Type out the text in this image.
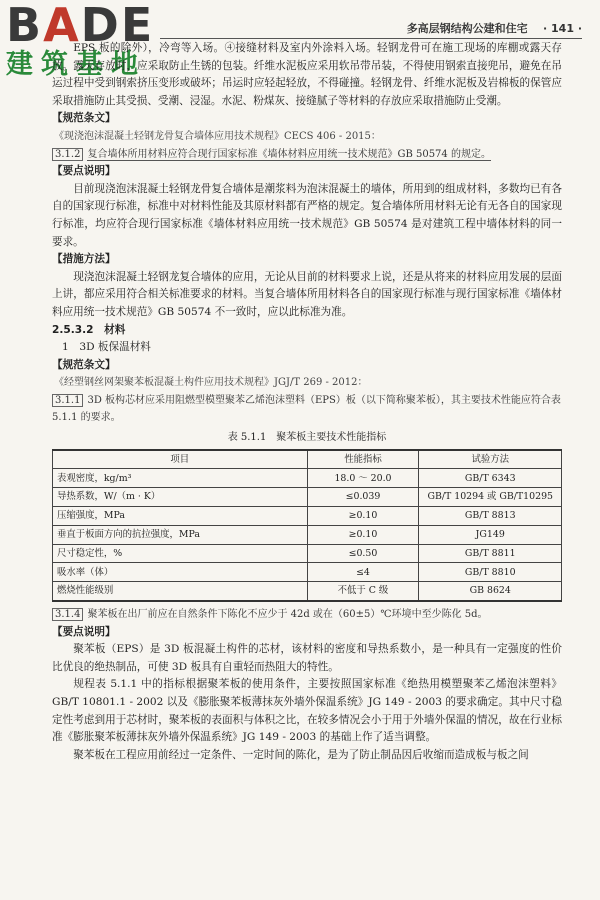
BADE
建筑基地
多高层钢结构公建和住宅 · 141 ·

EPS 板的除外），冷弯等入场。④接缝材料及室内外涂料入场。轻钢龙骨可在施工现场的库棚或露天存放。露天存放时，应采取防止生锈的包装。纤维水泥板应采用软吊带吊装，不得使用钢索直接兜吊，避免在吊运过程中受到钢索挤压变形或破坏；吊运时应轻起轻放，不得碰撞。轻钢龙骨、纤维水泥板及岩棉板的保管应采取措施防止其受损、受潮、浸湿。水泥、粉煤灰、接缝腻子等材料的存放应采取措施防止受潮。

【规范条文】

《现浇泡沫混凝土轻钢龙骨复合墙体应用技术规程》CECS 406 - 2015：

3.1.2 复合墙体所用材料应符合现行国家标准《墙体材料应用统一技术规范》GB 50574 的规定。

【要点说明】

目前现浇泡沫混凝土轻钢龙骨复合墙体是潮浆料为泡沫混凝土的墙体，所用到的组成材料，多数均已有各自的国家现行标准，标准中对材料性能及其原材料都有严格的规定。复合墙体所用材料无论有无各自的国家现行标准，均应符合现行国家标准《墙体材料应用统一技术规范》GB 50574 是对建筑工程中墙体材料的同一要求。

【措施方法】

现浇泡沫混凝土轻钢龙复合墙体的应用，无论从目前的材料要求上说，还是从将来的材料应用发展的层面上讲，都应采用符合相关标准要求的材料。当复合墙体所用材料各自的国家现行标准与现行国家标准《墙体材料应用统一技术规范》GB 50574 不一致时，应以此标准为准。

2.5.3.2　材料

1　3D 板保温材料

【规范条文】

《经塑钢丝网架聚苯板混凝土构件应用技术规程》JGJ/T 269 - 2012：

3.1.1 3D 板构芯材应采用阻燃型模塑聚苯乙烯泡沫塑料（EPS）板（以下简称聚苯板），其主要技术性能应符合表 5.1.1 的要求。

表 5.1.1　聚苯板主要技术性能指标

项目	性能指标	试验方法
表观密度，kg/m³	18.0 ～ 20.0	GB/T 6343
导热系数，W/（m · K）	≤0.039	GB/T 10294 或 GB/T10295
压缩强度，MPa	≥0.10	GB/T 8813
垂直于板面方向的抗拉强度，MPa	≥0.10	JG149
尺寸稳定性，%	≤0.50	GB/T 8811
吸水率（体）	≤4	GB/T 8810
燃烧性能级别	不低于 C 级	GB 8624

3.1.4 聚苯板在出厂前应在自然条件下陈化不应少于 42d 或在（60±5）℃环境中至少陈化 5d。

【要点说明】

聚苯板（EPS）是 3D 板混凝土构件的芯材，该材料的密度和导热系数小，是一种具有一定强度的性价比优良的绝热制品，可使 3D 板具有自重轻而热阻大的特性。

规程表 5.1.1 中的指标根据聚苯板的使用条件，主要按照国家标准《绝热用模塑聚苯乙烯泡沫塑料》GB/T 10801.1 - 2002 以及《膨胀聚苯板薄抹灰外墙外保温系统》JG 149 - 2003 的要求确定。其中尺寸稳定性考虑到用于芯材时，聚苯板的表面积与体积之比，在较多情况会小于用于外墙外保温的情况，故在行业标准《膨胀聚苯板薄抹灰外墙外保温系统》JG 149 - 2003 的基础上作了适当调整。

聚苯板在工程应用前经过一定条件、一定时间的陈化，是为了防止制品因后收缩而造成板与板之间
